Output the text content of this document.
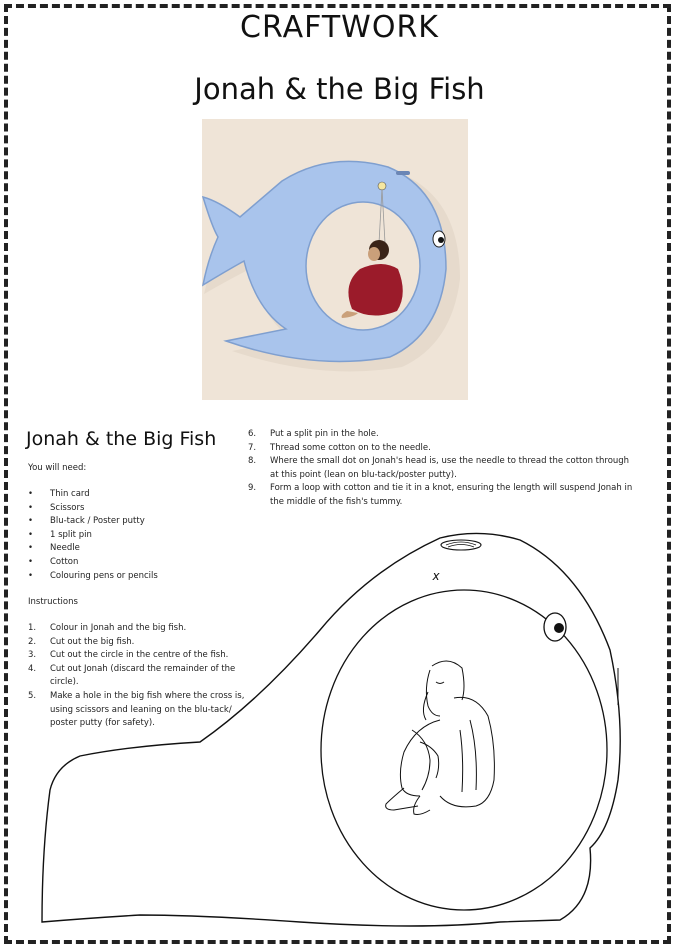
CRAFTWORK
Jonah & the Big Fish
Jonah & the Big Fish
You will need:
• Thin card
• Scissors
• Blu-tack / Poster putty
• 1 split pin
• Needle
• Cotton
• Colouring pens or pencils
Instructions
1. Colour in Jonah and the big fish.
2. Cut out the big fish.
3. Cut out the circle in the centre of the fish.
4. Cut out Jonah (discard the remainder of the circle).
5. Make a hole in the big fish where the cross is, using scissors and leaning on the blu-tack/ poster putty (for safety).
6. Put a split pin in the hole.
7. Thread some cotton on to the needle.
8. Where the small dot on Jonah's head is, use the needle to thread the cotton through at this point (lean on blu-tack/poster putty).
9. Form a loop with cotton and tie it in a knot, ensuring the length will suspend Jonah in the middle of the fish's tummy.
x
